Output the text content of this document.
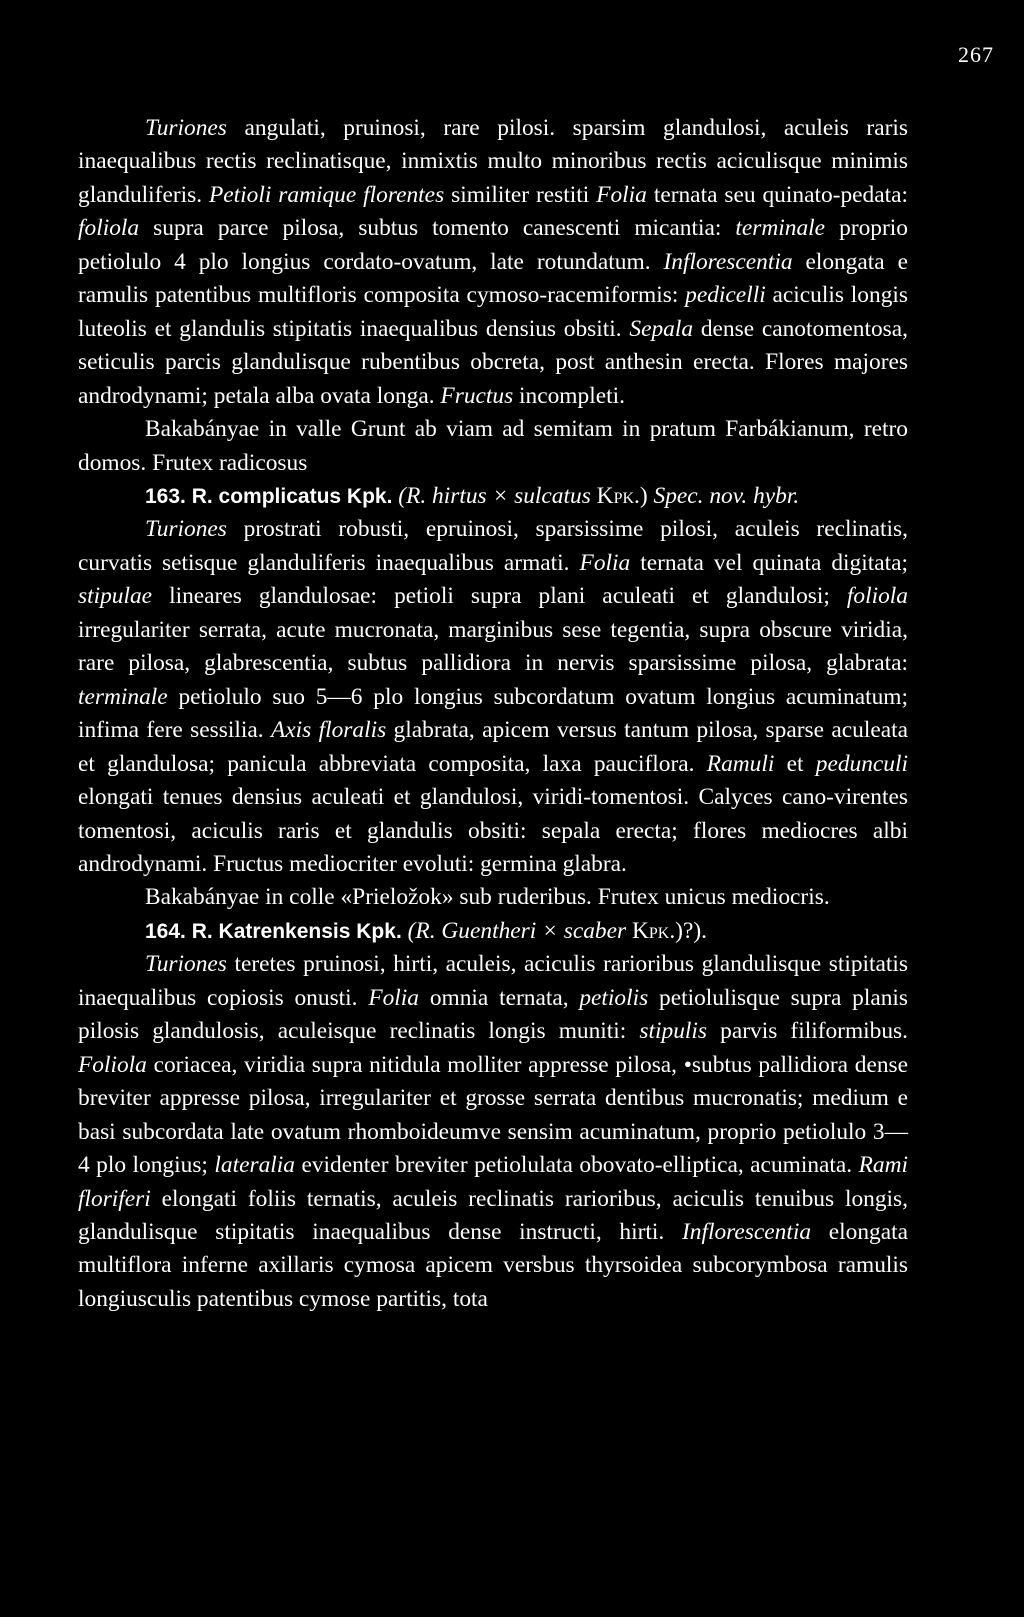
267

Turiones angulati, pruinosi, rare pilosi. sparsim glandulosi, aculeis raris inaequalibus rectis reclinatisque, inmixtis multo minoribus rectis aciculisque minimis glanduliferis. Petioli ramique florentes similiter restiti Folia ternata seu quinato-pedata: foliola supra parce pilosa, subtus tomento canescenti micantia: terminale proprio petiolulo 4 plo longius cordato-ovatum, late rotundatum. Inflorescentia elongata e ramulis patentibus multifloris composita cymoso-racemiformis: pedicelli aciculis longis luteolis et glandulis stipitatis inaequalibus densius obsiti. Sepala dense canotomentosa, seticulis parcis glandulisque rubentibus obcreta, post anthesin erecta. Flores majores androdynami; petala alba ovata longa. Fructus incompleti.

Bakabányae in valle Grunt ab viam ad semitam in pratum Farbákianum, retro domos. Frutex radicosus

163. R. complicatus Kpk. (R. hirtus × sulcatus Kpk.) Spec. nov. hybr.

Turiones prostrati robusti, epruinosi, sparsissime pilosi, aculeis reclinatis, curvatis setisque glanduliferis inaequalibus armati. Folia ternata vel quinata digitata; stipulae lineares glandulosae: petioli supra plani aculeati et glandulosi; foliola irregulariter serrata, acute mucronata, marginibus sese tegentia, supra obscure viridia, rare pilosa, glabrescentia, subtus pallidiora in nervis sparsissime pilosa, glabrata: terminale petiolulo suo 5—6 plo longius subcordatum ovatum longius acuminatum; infima fere sessilia. Axis floralis glabrata, apicem versus tantum pilosa, sparse aculeata et glandulosa; panicula abbreviata composita, laxa pauciflora. Ramuli et pedunculi elongati tenues densius aculeati et glandulosi, viridi-tomentosi. Calyces cano-virentes tomentosi, aciculis raris et glandulis obsiti: sepala erecta; flores mediocres albi androdynami. Fructus mediocriter evoluti: germina glabra.

Bakabányae in colle «Prieložok» sub ruderibus. Frutex unicus mediocris.

164. R. Katrenkensis Kpk. (R. Guentheri × scaber Kpk.)?).

Turiones teretes pruinosi, hirti, aculeis, aciculis rarioribus glandulisque stipitatis inaequalibus copiosis onusti. Folia omnia ternata, petiolis petiolulisque supra planis pilosis glandulosis, aculeisque reclinatis longis muniti: stipulis parvis filiformibus. Foliola coriacea, viridia supra nitidula molliter appresse pilosa, •subtus pallidiora dense breviter appresse pilosa, irregulariter et grosse serrata dentibus mucronatis; medium e basi subcordata late ovatum rhomboideumve sensim acuminatum, proprio petiolulo 3—4 plo longius; lateralia evidenter breviter petiolulata obovato-elliptica, acuminata. Rami floriferi elongati foliis ternatis, aculeis reclinatis rarioribus, aciculis tenuibus longis, glandulisque stipitatis inaequalibus dense instructi, hirti. Inflorescentia elongata multiflora inferne axillaris cymosa apicem versbus thyrsoidea subcorymbosa ramulis longiusculis patentibus cymose partitis, tota
